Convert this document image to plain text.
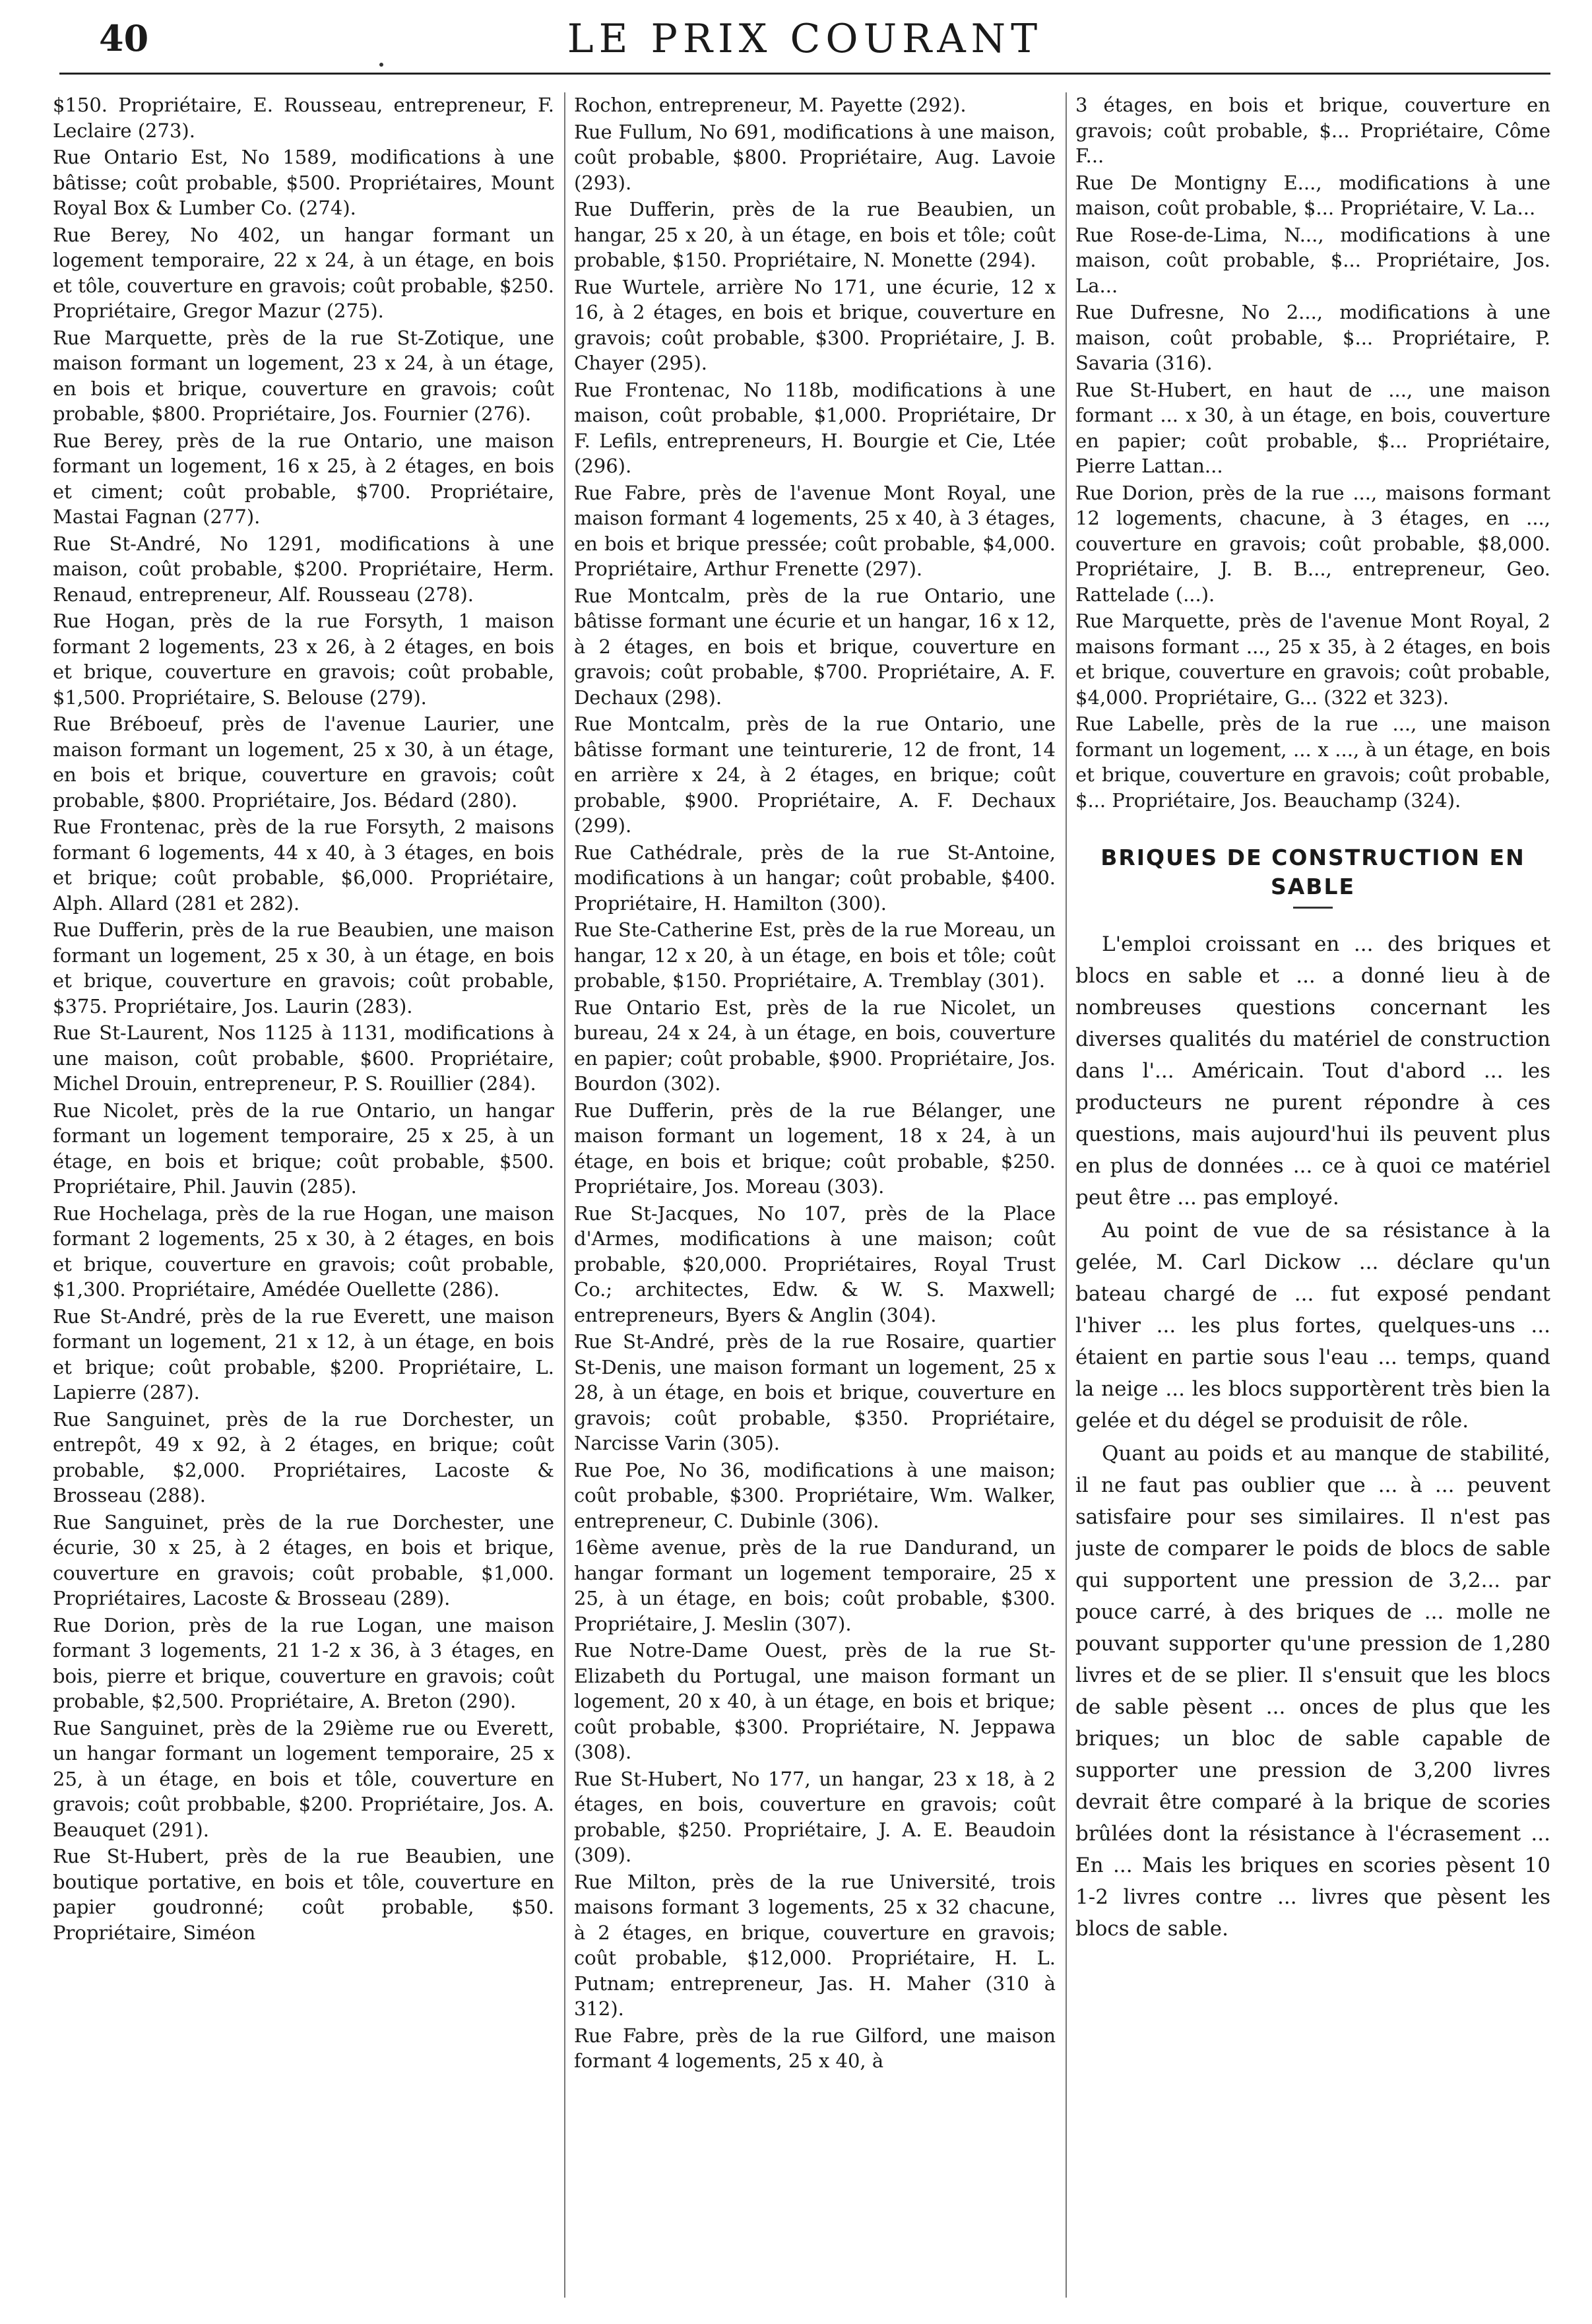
40	LE PRIX COURANT

$150. Propriétaire, E. Rousseau, entrepreneur, F. Leclaire (273).

Rue Ontario Est, No 1589, modifications à une bâtisse; coût probable, $500. Propriétaires, Mount Royal Box & Lumber Co. (274).

Rue Berey, No 402, un hangar formant un logement temporaire, 22 x 24, à un étage, en bois et tôle, couverture en gravois; coût probable, $250. Propriétaire, Gregor Mazur (275).

Rue Marquette, près de la rue St-Zotique, une maison formant un logement, 23 x 24, à un étage, en bois et brique, couverture en gravois; coût probable, $800. Propriétaire, Jos. Fournier (276).

Rue Berey, près de la rue Ontario, une maison formant un logement, 16 x 25, à 2 étages, en bois et ciment; coût probable, $700. Propriétaire, Mastai Fagnan (277).

Rue St-André, No 1291, modifications à une maison, coût probable, $200. Propriétaire, Herm. Renaud, entrepreneur, Alf. Rousseau (278).

Rue Hogan, près de la rue Forsyth, 1 maison formant 2 logements, 23 x 26, à 2 étages, en bois et brique, couverture en gravois; coût probable, $1,500. Propriétaire, S. Belouse (279).

Rue Bréboeuf, près de l'avenue Laurier, une maison formant un logement, 25 x 30, à un étage, en bois et brique, couverture en gravois; coût probable, $800. Propriétaire, Jos. Bédard (280).

Rue Frontenac, près de la rue Forsyth, 2 maisons formant 6 logements, 44 x 40, à 3 étages, en bois et brique; coût probable, $6,000. Propriétaire, Alph. Allard (281 et 282).

Rue Dufferin, près de la rue Beaubien, une maison formant un logement, 25 x 30, à un étage, en bois et brique, couverture en gravois; coût probable, $375. Propriétaire, Jos. Laurin (283).

Rue St-Laurent, Nos 1125 à 1131, modifications à une maison, coût probable, $600. Propriétaire, Michel Drouin, entrepreneur, P. S. Rouillier (284).

Rue Nicolet, près de la rue Ontario, un hangar formant un logement temporaire, 25 x 25, à un étage, en bois et brique; coût probable, $500. Propriétaire, Phil. Jauvin (285).

Rue Hochelaga, près de la rue Hogan, une maison formant 2 logements, 25 x 30, à 2 étages, en bois et brique, couverture en gravois; coût probable, $1,300. Propriétaire, Amédée Ouellette (286).

Rue St-André, près de la rue Everett, une maison formant un logement, 21 x 12, à un étage, en bois et brique; coût probable, $200. Propriétaire, L. Lapierre (287).

Rue Sanguinet, près de la rue Dorchester, un entrepôt, 49 x 92, à 2 étages, en brique; coût probable, $2,000. Propriétaires, Lacoste & Brosseau (288).

Rue Sanguinet, près de la rue Dorchester, une écurie, 30 x 25, à 2 étages, en bois et brique, couverture en gravois; coût probable, $1,000. Propriétaires, Lacoste & Brosseau (289).

Rue Dorion, près de la rue Logan, une maison formant 3 logements, 21 1-2 x 36, à 3 étages, en bois, pierre et brique, couverture en gravois; coût probable, $2,500. Propriétaire, A. Breton (290).

Rue Sanguinet, près de la 29ième rue ou Everett, un hangar formant un logement temporaire, 25 x 25, à un étage, en bois et tôle, couverture en gravois; coût probbable, $200. Propriétaire, Jos. A. Beauquet (291).

Rue St-Hubert, près de la rue Beaubien, une boutique portative, en bois et tôle, couverture en papier goudronné; coût probable, $50. Propriétaire, Siméon

Rochon, entrepreneur, M. Payette (292).

Rue Fullum, No 691, modifications à une maison, coût probable, $800. Propriétaire, Aug. Lavoie (293).

Rue Dufferin, près de la rue Beaubien, un hangar, 25 x 20, à un étage, en bois et tôle; coût probable, $150. Propriétaire, N. Monette (294).

Rue Wurtele, arrière No 171, une écurie, 12 x 16, à 2 étages, en bois et brique, couverture en gravois; coût probable, $300. Propriétaire, J. B. Chayer (295).

Rue Frontenac, No 118b, modifications à une maison, coût probable, $1,000. Propriétaire, Dr F. Lefils, entrepreneurs, H. Bourgie et Cie, Ltée (296).

Rue Fabre, près de l'avenue Mont Royal, une maison formant 4 logements, 25 x 40, à 3 étages, en bois et brique pressée; coût probable, $4,000. Propriétaire, Arthur Frenette (297).

Rue Montcalm, près de la rue Ontario, une bâtisse formant une écurie et un hangar, 16 x 12, à 2 étages, en bois et brique, couverture en gravois; coût probable, $700. Propriétaire, A. F. Dechaux (298).

Rue Montcalm, près de la rue Ontario, une bâtisse formant une teinturerie, 12 de front, 14 en arrière x 24, à 2 étages, en brique; coût probable, $900. Propriétaire, A. F. Dechaux (299).

Rue Cathédrale, près de la rue St-Antoine, modifications à un hangar; coût probable, $400. Propriétaire, H. Hamilton (300).

Rue Ste-Catherine Est, près de la rue Moreau, un hangar, 12 x 20, à un étage, en bois et tôle; coût probable, $150. Propriétaire, A. Tremblay (301).

Rue Ontario Est, près de la rue Nicolet, un bureau, 24 x 24, à un étage, en bois, couverture en papier; coût probable, $900. Propriétaire, Jos. Bourdon (302).

Rue Dufferin, près de la rue Bélanger, une maison formant un logement, 18 x 24, à un étage, en bois et brique; coût probable, $250. Propriétaire, Jos. Moreau (303).

Rue St-Jacques, No 107, près de la Place d'Armes, modifications à une maison; coût probable, $20,000. Propriétaires, Royal Trust Co.; architectes, Edw. & W. S. Maxwell; entrepreneurs, Byers & Anglin (304).

Rue St-André, près de la rue Rosaire, quartier St-Denis, une maison formant un logement, 25 x 28, à un étage, en bois et brique, couverture en gravois; coût probable, $350. Propriétaire, Narcisse Varin (305).

Rue Poe, No 36, modifications à une maison; coût probable, $300. Propriétaire, Wm. Walker, entrepreneur, C. Dubinle (306).

16ème avenue, près de la rue Dandurand, un hangar formant un logement temporaire, 25 x 25, à un étage, en bois; coût probable, $300. Propriétaire, J. Meslin (307).

Rue Notre-Dame Ouest, près de la rue St-Elizabeth du Portugal, une maison formant un logement, 20 x 40, à un étage, en bois et brique; coût probable, $300. Propriétaire, N. Jeppawa (308).

Rue St-Hubert, No 177, un hangar, 23 x 18, à 2 étages, en bois, couverture en gravois; coût probable, $250. Propriétaire, J. A. E. Beaudoin (309).

Rue Milton, près de la rue Université, trois maisons formant 3 logements, 25 x 32 chacune, à 2 étages, en brique, couverture en gravois; coût probable, $12,000. Propriétaire, H. L. Putnam; entrepreneur, Jas. H. Maher (310 à 312).

Rue Fabre, près de la rue Gilford, une maison formant 4 logements, 25 x 40, à

3 étages, en bois et brique, couverture en gravois; coût probable, $... Propriétaire, Côme F...

Rue De Montigny E..., modifications à une maison, coût probable, $... Propriétaire, V. La...

Rue Rose-de-Lima, N..., modifications à une maison, coût probable, $... Propriétaire, Jos. La...

Rue Dufresne, No 2..., modifications à une maison, coût probable, $... Propriétaire, P. Savaria (316).

Rue St-Hubert, en haut de ..., une maison formant ... x 30, à un étage, en bois, couverture en papier; coût probable, $... Propriétaire, Pierre Lattan...

Rue Dorion, près de la rue ..., maisons formant 12 logements, chacune, à 3 étages, en ..., couverture en gravois; coût probable, $8,000. Propriétaire, J. B. B..., entrepreneur, Geo. Rattelade (...).

Rue Marquette, près de l'avenue Mont Royal, 2 maisons formant ..., 25 x 35, à 2 étages, en bois et brique, couverture en gravois; coût probable, $4,000. Propriétaire, G... (322 et 323).

Rue Labelle, près de la rue ..., une maison formant un logement, ... x ..., à un étage, en bois et brique, couverture en gravois; coût probable, $... Propriétaire, Jos. Beauchamp (324).

BRIQUES DE CONSTRUCTION EN SABLE

L'emploi croissant en ... des briques et blocs en sable et ... a donné lieu à de nombreuses questions concernant les diverses qualités du matériel de construction dans l'... Américain. Tout d'abord ... les producteurs ne purent répondre à ces questions, mais aujourd'hui ils peuvent plus en plus de données ... ce à quoi ce matériel peut être ... pas employé.

Au point de vue de sa résistance à la gelée, M. Carl Dickow ... déclare qu'un bateau chargé de ... fut exposé pendant l'hiver ... les plus fortes, quelques-uns ... étaient en partie sous l'eau ... temps, quand la neige ... les blocs supportèrent très bien la gelée et du dégel se produisit de rôle.

Quant au poids et au manque de stabilité, il ne faut pas oublier que ... à ... peuvent satisfaire pour ses similaires. Il n'est pas juste de comparer le poids de blocs de sable qui supportent une pression de 3,2... par pouce carré, à des briques de ... molle ne pouvant supporter qu'une pression de 1,280 livres et de se plier. Il s'ensuit que les blocs de sable pèsent ... onces de plus que les briques; un bloc de sable capable de supporter une pression de 3,200 livres devrait être comparé à la brique de scories brûlées dont la résistance à l'écrasement ... En ... Mais les briques en scories pèsent 10 1-2 livres contre ... livres que pèsent les blocs de sable.
